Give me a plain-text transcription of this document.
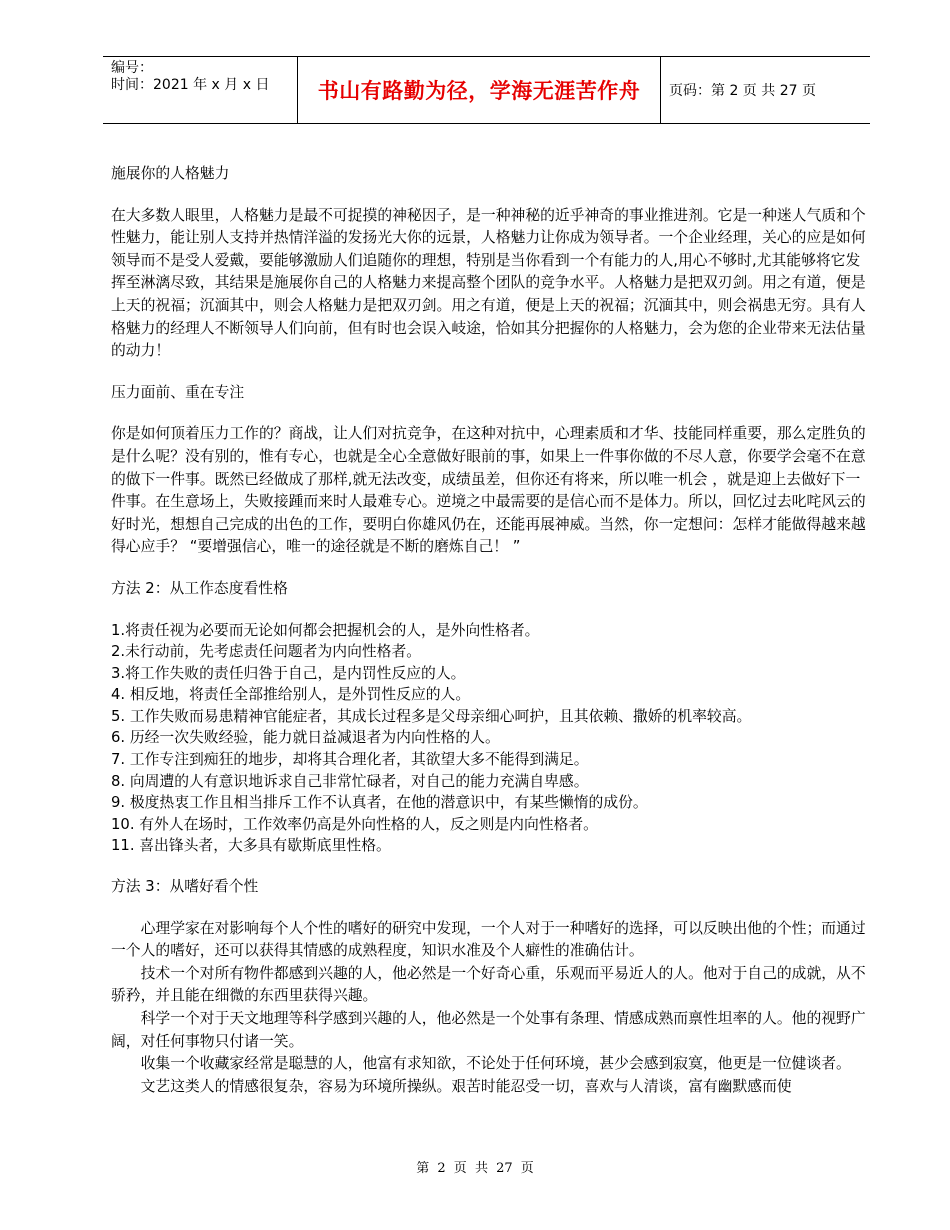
编号：
时间：2021 年 x 月 x 日	书山有路勤为径，学海无涯苦作舟 页码：第 2 页 共 27 页

施展你的人格魅力

在大多数人眼里，人格魅力是最不可捉摸的神秘因子，是一种神秘的近乎神奇的事业推进剂。它是一种迷人气质和个性魅力，能让别人支持并热情洋溢的发扬光大你的远景，人格魅力让你成为领导者。一个企业经理，关心的应是如何领导而不是受人爱戴，要能够激励人们追随你的理想，特别是当你看到一个有能力的人,用心不够时,尤其能够将它发挥至淋漓尽致，其结果是施展你自己的人格魅力来提高整个团队的竞争水平。人格魅力是把双刃剑。用之有道，便是上天的祝福；沉湎其中，则会人格魅力是把双刃剑。用之有道，便是上天的祝福；沉湎其中，则会祸患无穷。具有人格魅力的经理人不断领导人们向前，但有时也会误入岐途，恰如其分把握你的人格魅力，会为您的企业带来无法估量的动力！

压力面前、重在专注

你是如何顶着压力工作的？商战，让人们对抗竞争，在这种对抗中，心理素质和才华、技能同样重要，那么定胜负的是什么呢？没有别的，惟有专心，也就是全心全意做好眼前的事，如果上一件事你做的不尽人意，你要学会毫不在意的做下一件事。既然已经做成了那样,就无法改变，成绩虽差，但你还有将来，所以唯一机会 ，就是迎上去做好下一件事。在生意场上，失败接踵而来时人最难专心。逆境之中最需要的是信心而不是体力。所以，回忆过去叱咤风云的好时光，想想自己完成的出色的工作，要明白你雄风仍在，还能再展神威。当然，你一定想问：怎样才能做得越来越得心应手？ “要增强信心，唯一的途径就是不断的磨炼自己！ ”

方法 2：从工作态度看性格

1.将责任视为必要而无论如何都会把握机会的人，是外向性格者。

2.未行动前，先考虑责任问题者为内向性格者。

3.将工作失败的责任归咎于自己，是内罚性反应的人。

4. 相反地，将责任全部推给别人，是外罚性反应的人。

5. 工作失败而易患精神官能症者，其成长过程多是父母亲细心呵护，且其依赖、撒娇的机率较高。

6. 历经一次失败经验，能力就日益减退者为内向性格的人。

7. 工作专注到痴狂的地步，却将其合理化者，其欲望大多不能得到满足。

8. 向周遭的人有意识地诉求自己非常忙碌者，对自己的能力充满自卑感。

9. 极度热衷工作且相当排斥工作不认真者，在他的潜意识中，有某些懒惰的成份。

10. 有外人在场时，工作效率仍高是外向性格的人，反之则是内向性格者。

11. 喜出锋头者，大多具有歇斯底里性格。

方法 3：从嗜好看个性

心理学家在对影响每个人个性的嗜好的研究中发现，一个人对于一种嗜好的选择，可以反映出他的个性；而通过一个人的嗜好，还可以获得其情感的成熟程度，知识水准及个人癖性的准确估计。

技术一个对所有物件都感到兴趣的人，他必然是一个好奇心重，乐观而平易近人的人。他对于自己的成就，从不骄矜，并且能在细微的东西里获得兴趣。

科学一个对于天文地理等科学感到兴趣的人，他必然是一个处事有条理、情感成熟而禀性坦率的人。他的视野广阔，对任何事物只付诸一笑。

收集一个收藏家经常是聪慧的人，他富有求知欲，不论处于任何环境，甚少会感到寂寞，他更是一位健谈者。

文艺这类人的情感很复杂，容易为环境所操纵。艰苦时能忍受一切，喜欢与人清谈，富有幽默感而使

第 2 页 共 27 页
